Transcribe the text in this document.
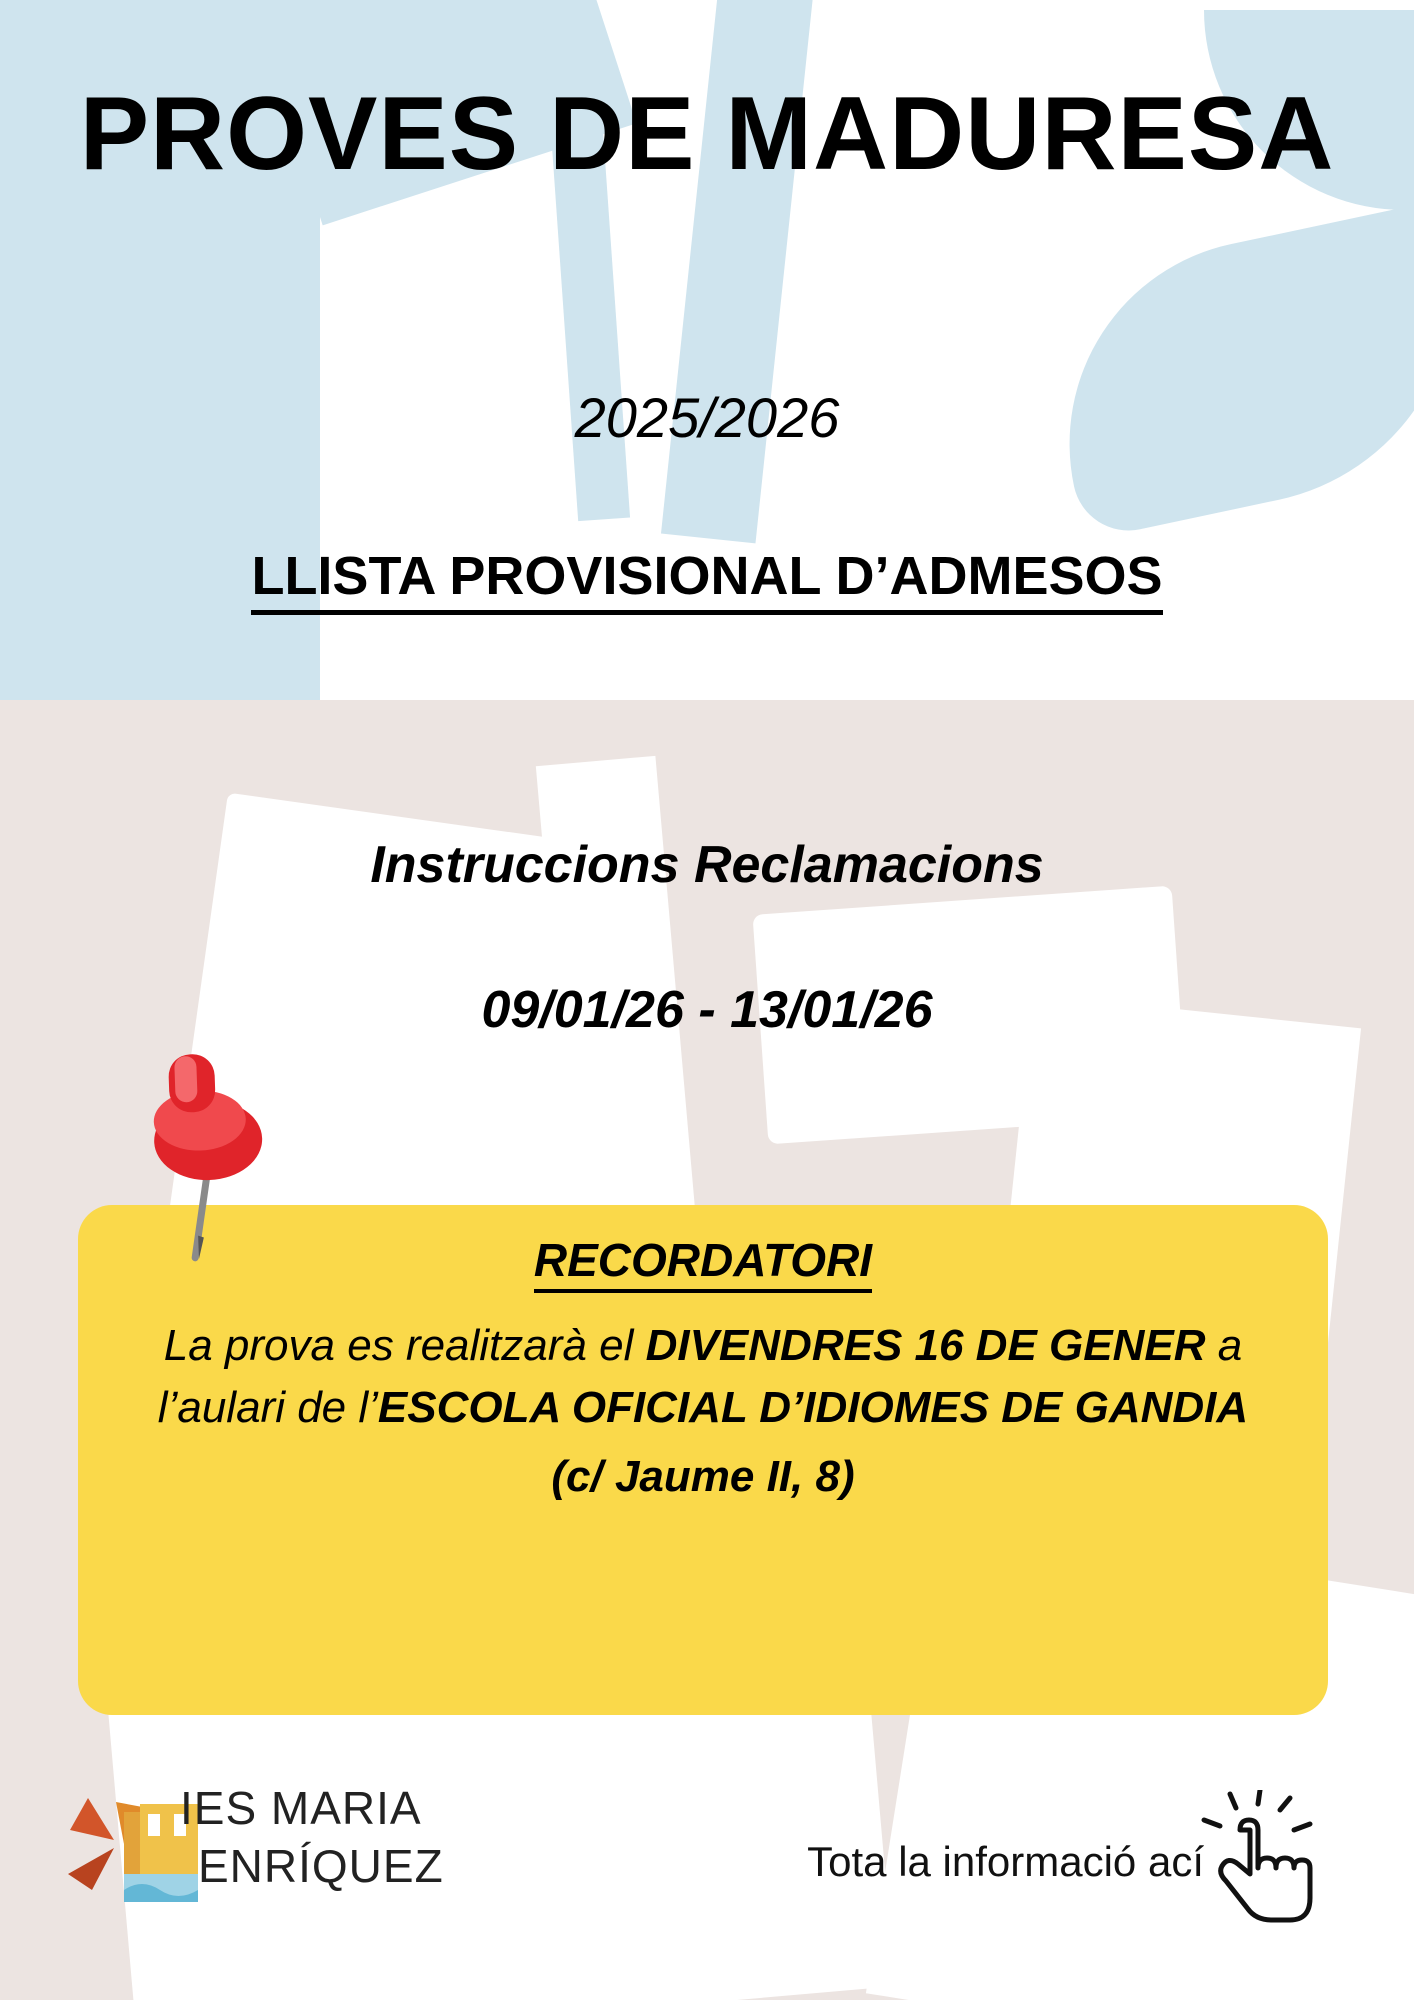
PROVES DE MADURESA
2025/2026
LLISTA PROVISIONAL D’ADMESOS
Instruccions Reclamacions
09/01/26 - 13/01/26
RECORDATORI
La prova es realitzarà el DIVENDRES 16 DE GENER a l’aulari de l’ESCOLA OFICIAL D’IDIOMES DE GANDIA
(c/ Jaume II, 8)
IES MARIA
ENRÍQUEZ	Tota la informació ací
